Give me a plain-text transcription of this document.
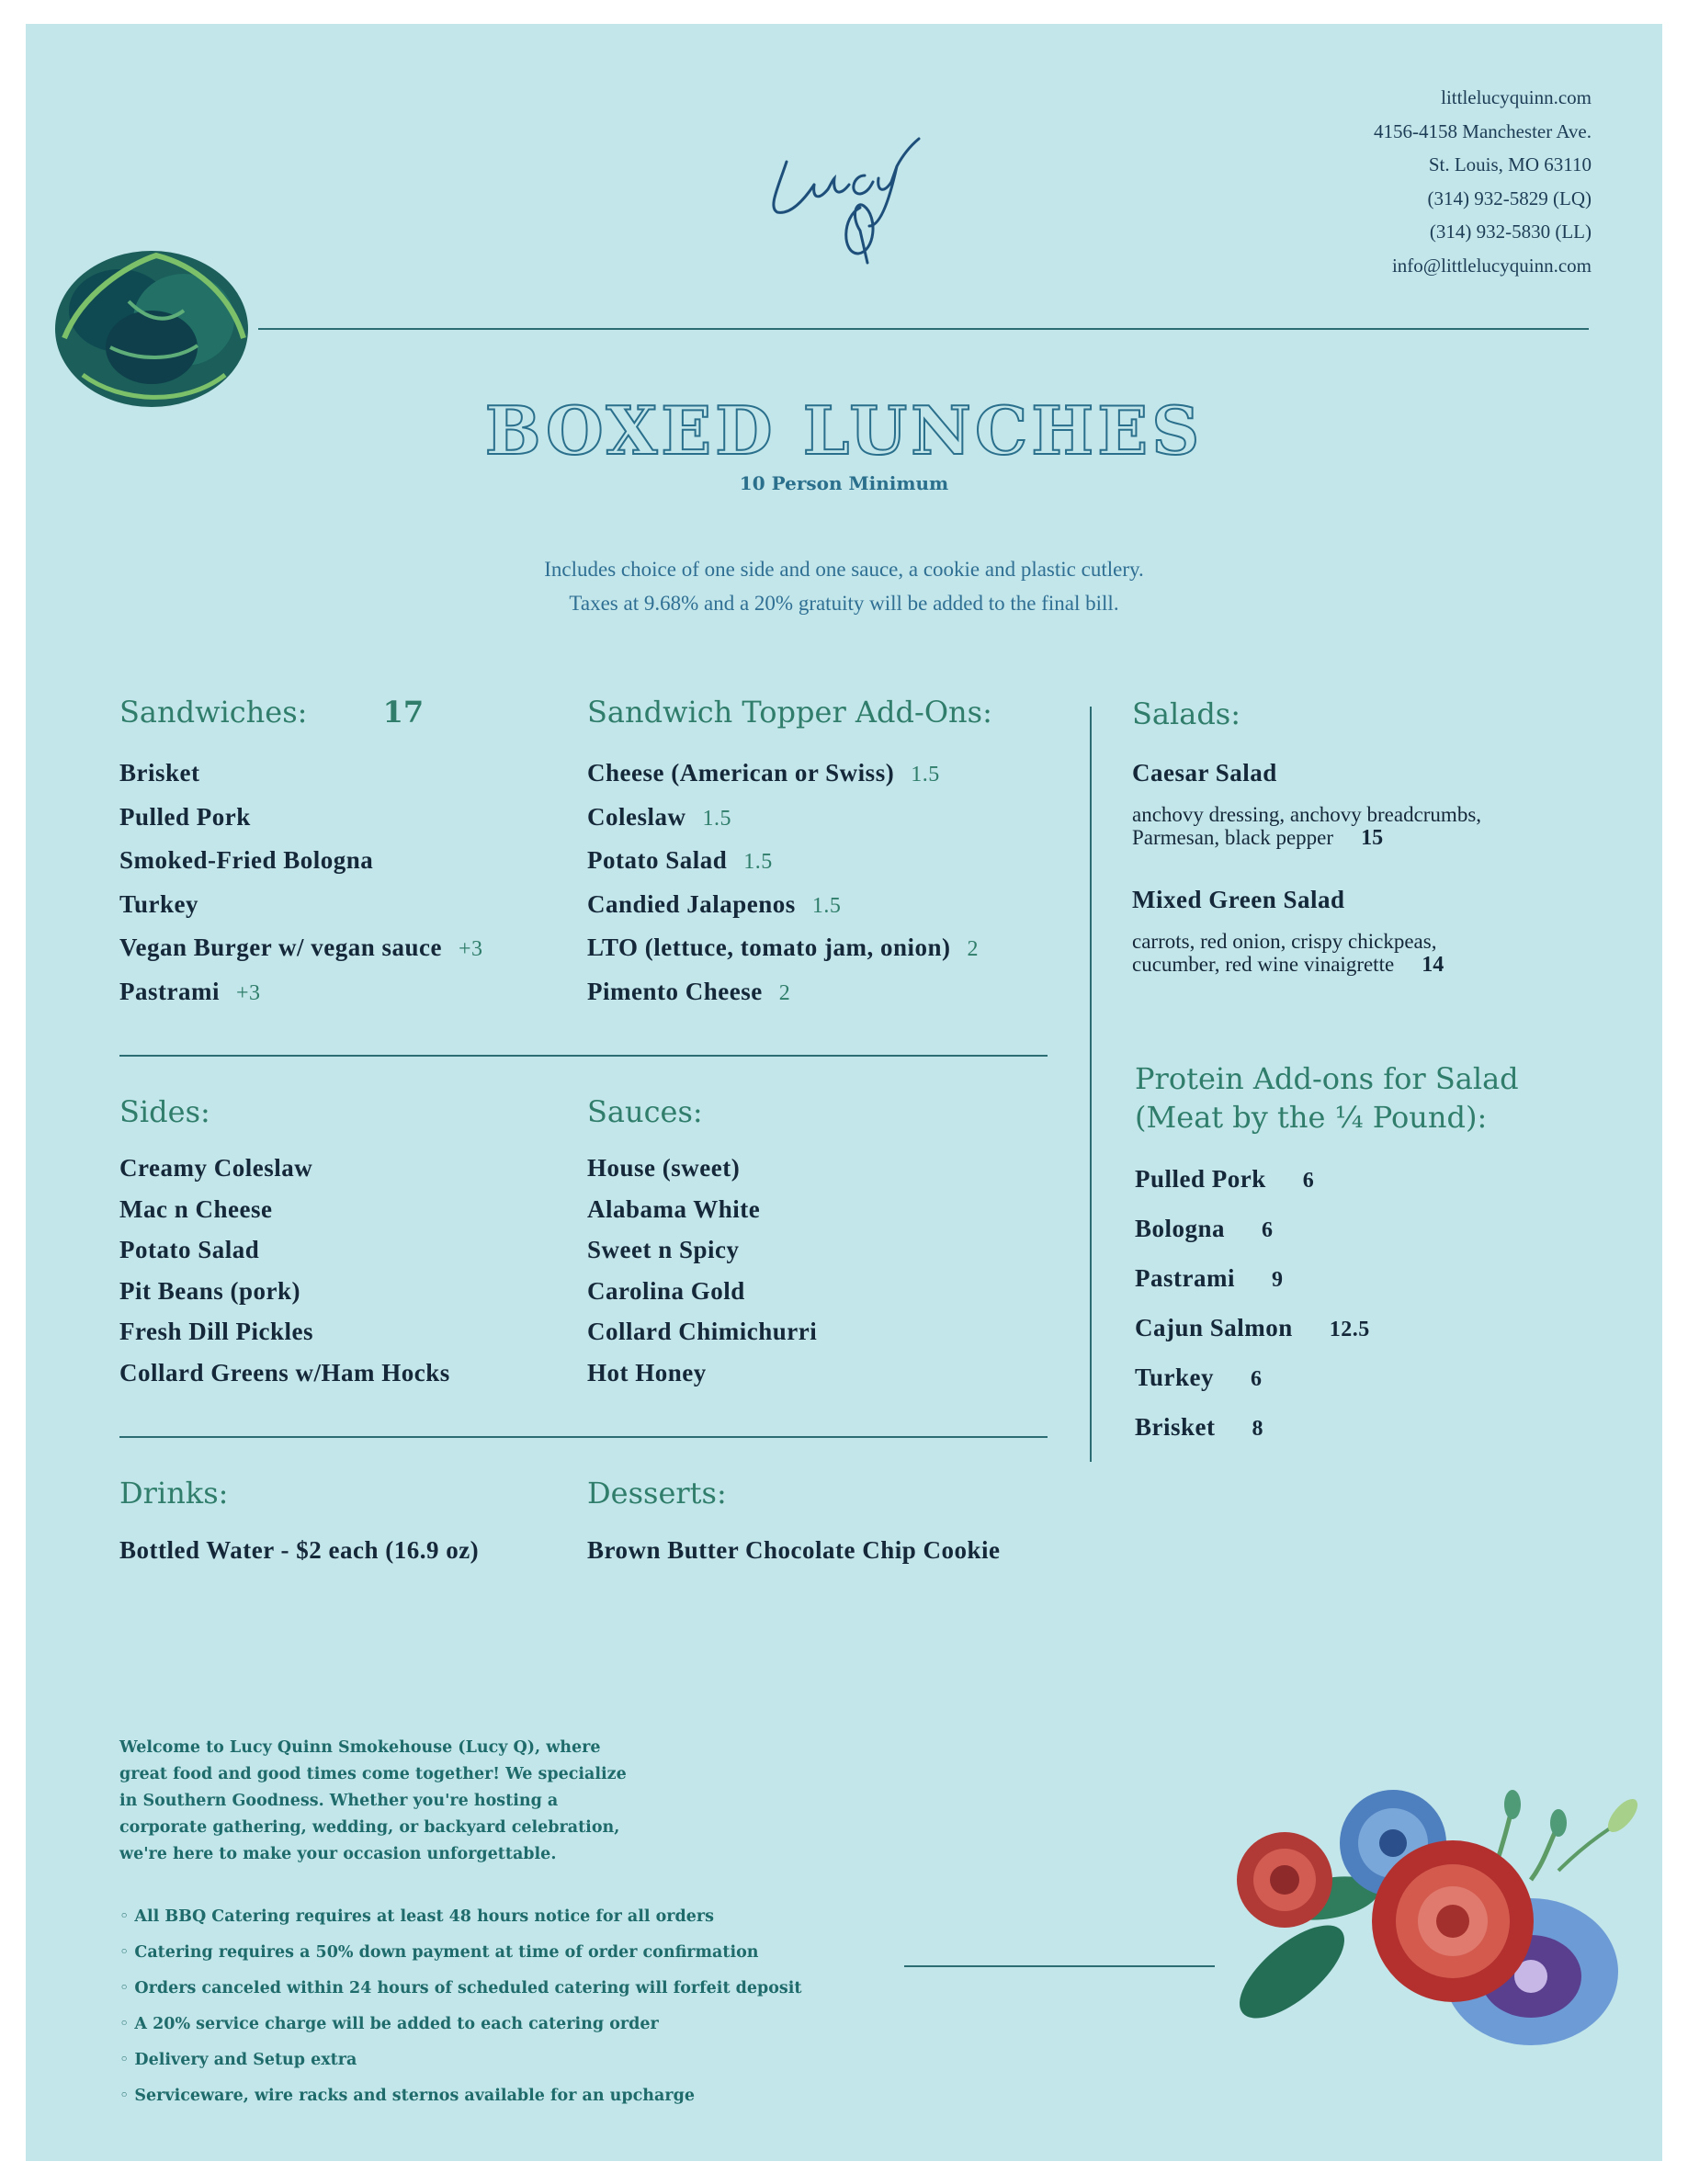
littlelucyquinn.com
4156-4158 Manchester Ave.
St. Louis, MO 63110
(314) 932-5829 (LQ)
(314) 932-5830 (LL)
info@littlelucyquinn.com
BOXED LUNCHES
10 Person Minimum
Includes choice of one side and one sauce, a cookie and plastic cutlery.
Taxes at 9.68% and a 20% gratuity will be added to the final bill.
Sandwiches:	17
Brisket
Pulled Pork
Smoked-Fried Bologna
Turkey
Vegan Burger w/ vegan sauce +3
Pastrami +3
Sandwich Topper Add-Ons:
Cheese (American or Swiss) 1.5
Coleslaw 1.5
Potato Salad 1.5
Candied Jalapenos 1.5
LTO (lettuce, tomato jam, onion) 2
Pimento Cheese 2
Salads:
Caesar Salad
anchovy dressing, anchovy breadcrumbs,
Parmesan, black pepper 15
Mixed Green Salad
carrots, red onion, crispy chickpeas,
cucumber, red wine vinaigrette 14
Protein Add-ons for Salad
(Meat by the ¼ Pound):
Pulled Pork 6
Bologna 6
Pastrami 9
Cajun Salmon 12.5
Turkey 6
Brisket 8
Sides:
Creamy Coleslaw
Mac n Cheese
Potato Salad
Pit Beans (pork)
Fresh Dill Pickles
Collard Greens w/Ham Hocks
Sauces:
House (sweet)
Alabama White
Sweet n Spicy
Carolina Gold
Collard Chimichurri
Hot Honey
Drinks:
Bottled Water - $2 each (16.9 oz)
Desserts:
Brown Butter Chocolate Chip Cookie
Welcome to Lucy Quinn Smokehouse (Lucy Q), where
great food and good times come together! We specialize
in Southern Goodness. Whether you're hosting a
corporate gathering, wedding, or backyard celebration,
we're here to make your occasion unforgettable.
◦ All BBQ Catering requires at least 48 hours notice for all orders
◦ Catering requires a 50% down payment at time of order confirmation
◦ Orders canceled within 24 hours of scheduled catering will forfeit deposit
◦ A 20% service charge will be added to each catering order
◦ Delivery and Setup extra
◦ Serviceware, wire racks and sternos available for an upcharge
